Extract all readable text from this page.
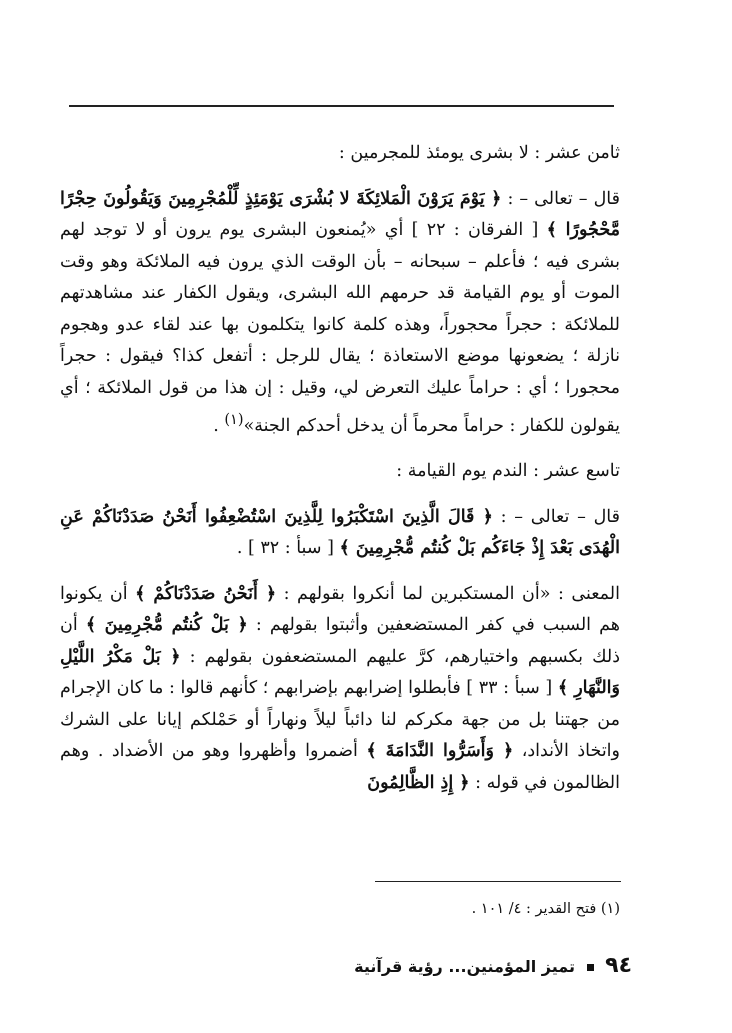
ثامن عشر : لا بشرى يومئذ للمجرمين :

قال – تعالى – : ﴿ يَوْمَ يَرَوْنَ الْمَلائِكَةَ لا بُشْرَى يَوْمَئِذٍ لِّلْمُجْرِمِينَ وَيَقُولُونَ حِجْرًا مَّحْجُورًا ﴾ [ الفرقان : ٢٢ ] أي «يُمنعون البشرى يوم يرون أو لا توجد لهم بشرى فيه ؛ فأعلم – سبحانه – بأن الوقت الذي يرون فيه الملائكة وهو وقت الموت أو يوم القيامة قد حرمهم الله البشرى، ويقول الكفار عند مشاهدتهم للملائكة : حجراً محجوراً، وهذه كلمة كانوا يتكلمون بها عند لقاء عدو وهجوم نازلة ؛ يضعونها موضع الاستعاذة ؛ يقال للرجل : أتفعل كذا؟ فيقول : حجراً محجورا ؛ أي : حراماً عليك التعرض لي، وقيل : إن هذا من قول الملائكة ؛ أي يقولون للكفار : حراماً محرماً أن يدخل أحدكم الجنة»$^{(١)}$ .

تاسع عشر : الندم يوم القيامة :

قال – تعالى – : ﴿ قَالَ الَّذِينَ اسْتَكْبَرُوا لِلَّذِينَ اسْتُضْعِفُوا أَنَحْنُ صَدَدْنَاكُمْ عَنِ الْهُدَى بَعْدَ إِذْ جَاءَكُم بَلْ كُنتُم مُّجْرِمِينَ ﴾ [ سبأ : ٣٢ ] .

المعنى : «أن المستكبرين لما أنكروا بقولهم : ﴿ أَنَحْنُ صَدَدْنَاكُمْ ﴾ أن يكونوا هم السبب في كفر المستضعفين وأثبتوا بقولهم : ﴿ بَلْ كُنتُم مُّجْرِمِينَ ﴾ أن ذلك بكسبهم واختيارهم، كرَّ عليهم المستضعفون بقولهم : ﴿ بَلْ مَكْرُ اللَّيْلِ وَالنَّهَارِ ﴾ [ سبأ : ٣٣ ] فأبطلوا إضرابهم بإضرابهم ؛ كأنهم قالوا : ما كان الإجرام من جهتنا بل من جهة مكركم لنا دائباً ليلاً ونهاراً أو حَمْلكم إيانا على الشرك واتخاذ الأنداد، ﴿ وَأَسَرُّوا النَّدَامَةَ ﴾ أضمروا وأظهروا وهو من الأضداد . وهم الظالمون في قوله : ﴿ إِذِ الظَّالِمُونَ

(١) فتح القدير : ٤/ ١٠١ .
٩٤  تميز المؤمنين... رؤية قرآنية
